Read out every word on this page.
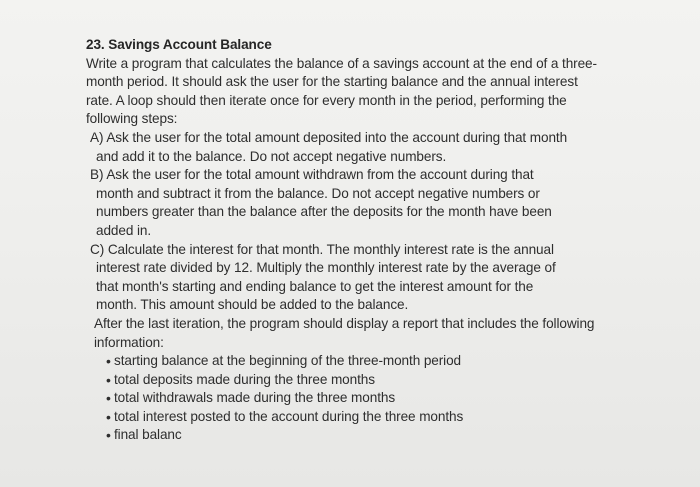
23. Savings Account Balance

Write a program that calculates the balance of a savings account at the end of a three-

month period. It should ask the user for the starting balance and the annual interest

rate. A loop should then iterate once for every month in the period, performing the

following steps:

A) Ask the user for the total amount deposited into the account during that month

and add it to the balance. Do not accept negative numbers.

B) Ask the user for the total amount withdrawn from the account during that

month and subtract it from the balance. Do not accept negative numbers or

numbers greater than the balance after the deposits for the month have been

added in.

C) Calculate the interest for that month. The monthly interest rate is the annual

interest rate divided by 12. Multiply the monthly interest rate by the average of

that month's starting and ending balance to get the interest amount for the

month. This amount should be added to the balance.

After the last iteration, the program should display a report that includes the following

information:

• starting balance at the beginning of the three-month period
• total deposits made during the three months
• total withdrawals made during the three months
• total interest posted to the account during the three months
• final balanc
